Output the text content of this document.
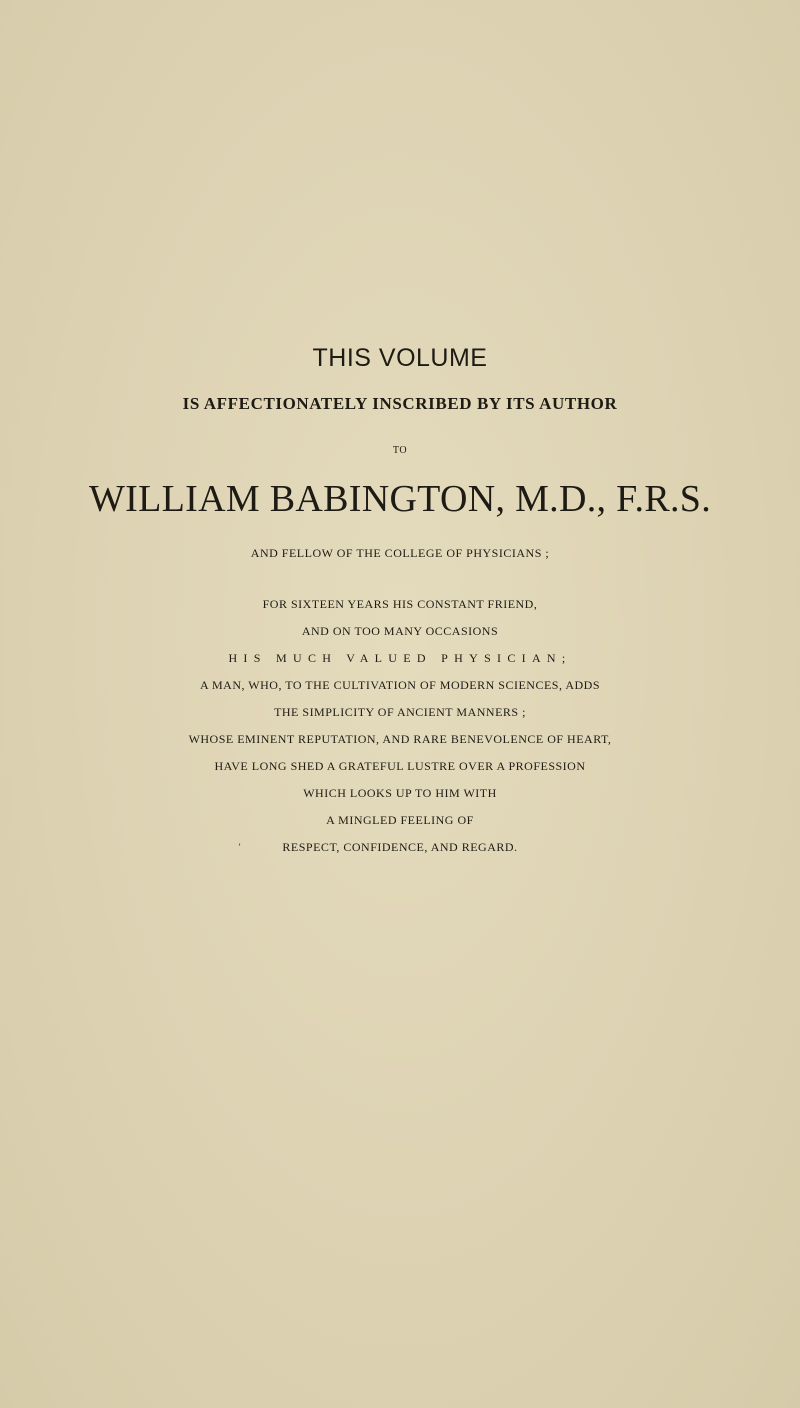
THIS VOLUME
IS AFFECTIONATELY INSCRIBED BY ITS AUTHOR
TO
WILLIAM BABINGTON, M.D., F.R.S.
AND FELLOW OF THE COLLEGE OF PHYSICIANS ;
FOR SIXTEEN YEARS HIS CONSTANT FRIEND,
AND ON TOO MANY OCCASIONS
HIS MUCH VALUED PHYSICIAN;
A MAN, WHO, TO THE CULTIVATION OF MODERN SCIENCES, ADDS
THE SIMPLICITY OF ANCIENT MANNERS ;
WHOSE EMINENT REPUTATION, AND RARE BENEVOLENCE OF HEART,
HAVE LONG SHED A GRATEFUL LUSTRE OVER A PROFESSION
WHICH LOOKS UP TO HIM WITH
A MINGLED FEELING OF
RESPECT, CONFIDENCE, AND REGARD.
’
